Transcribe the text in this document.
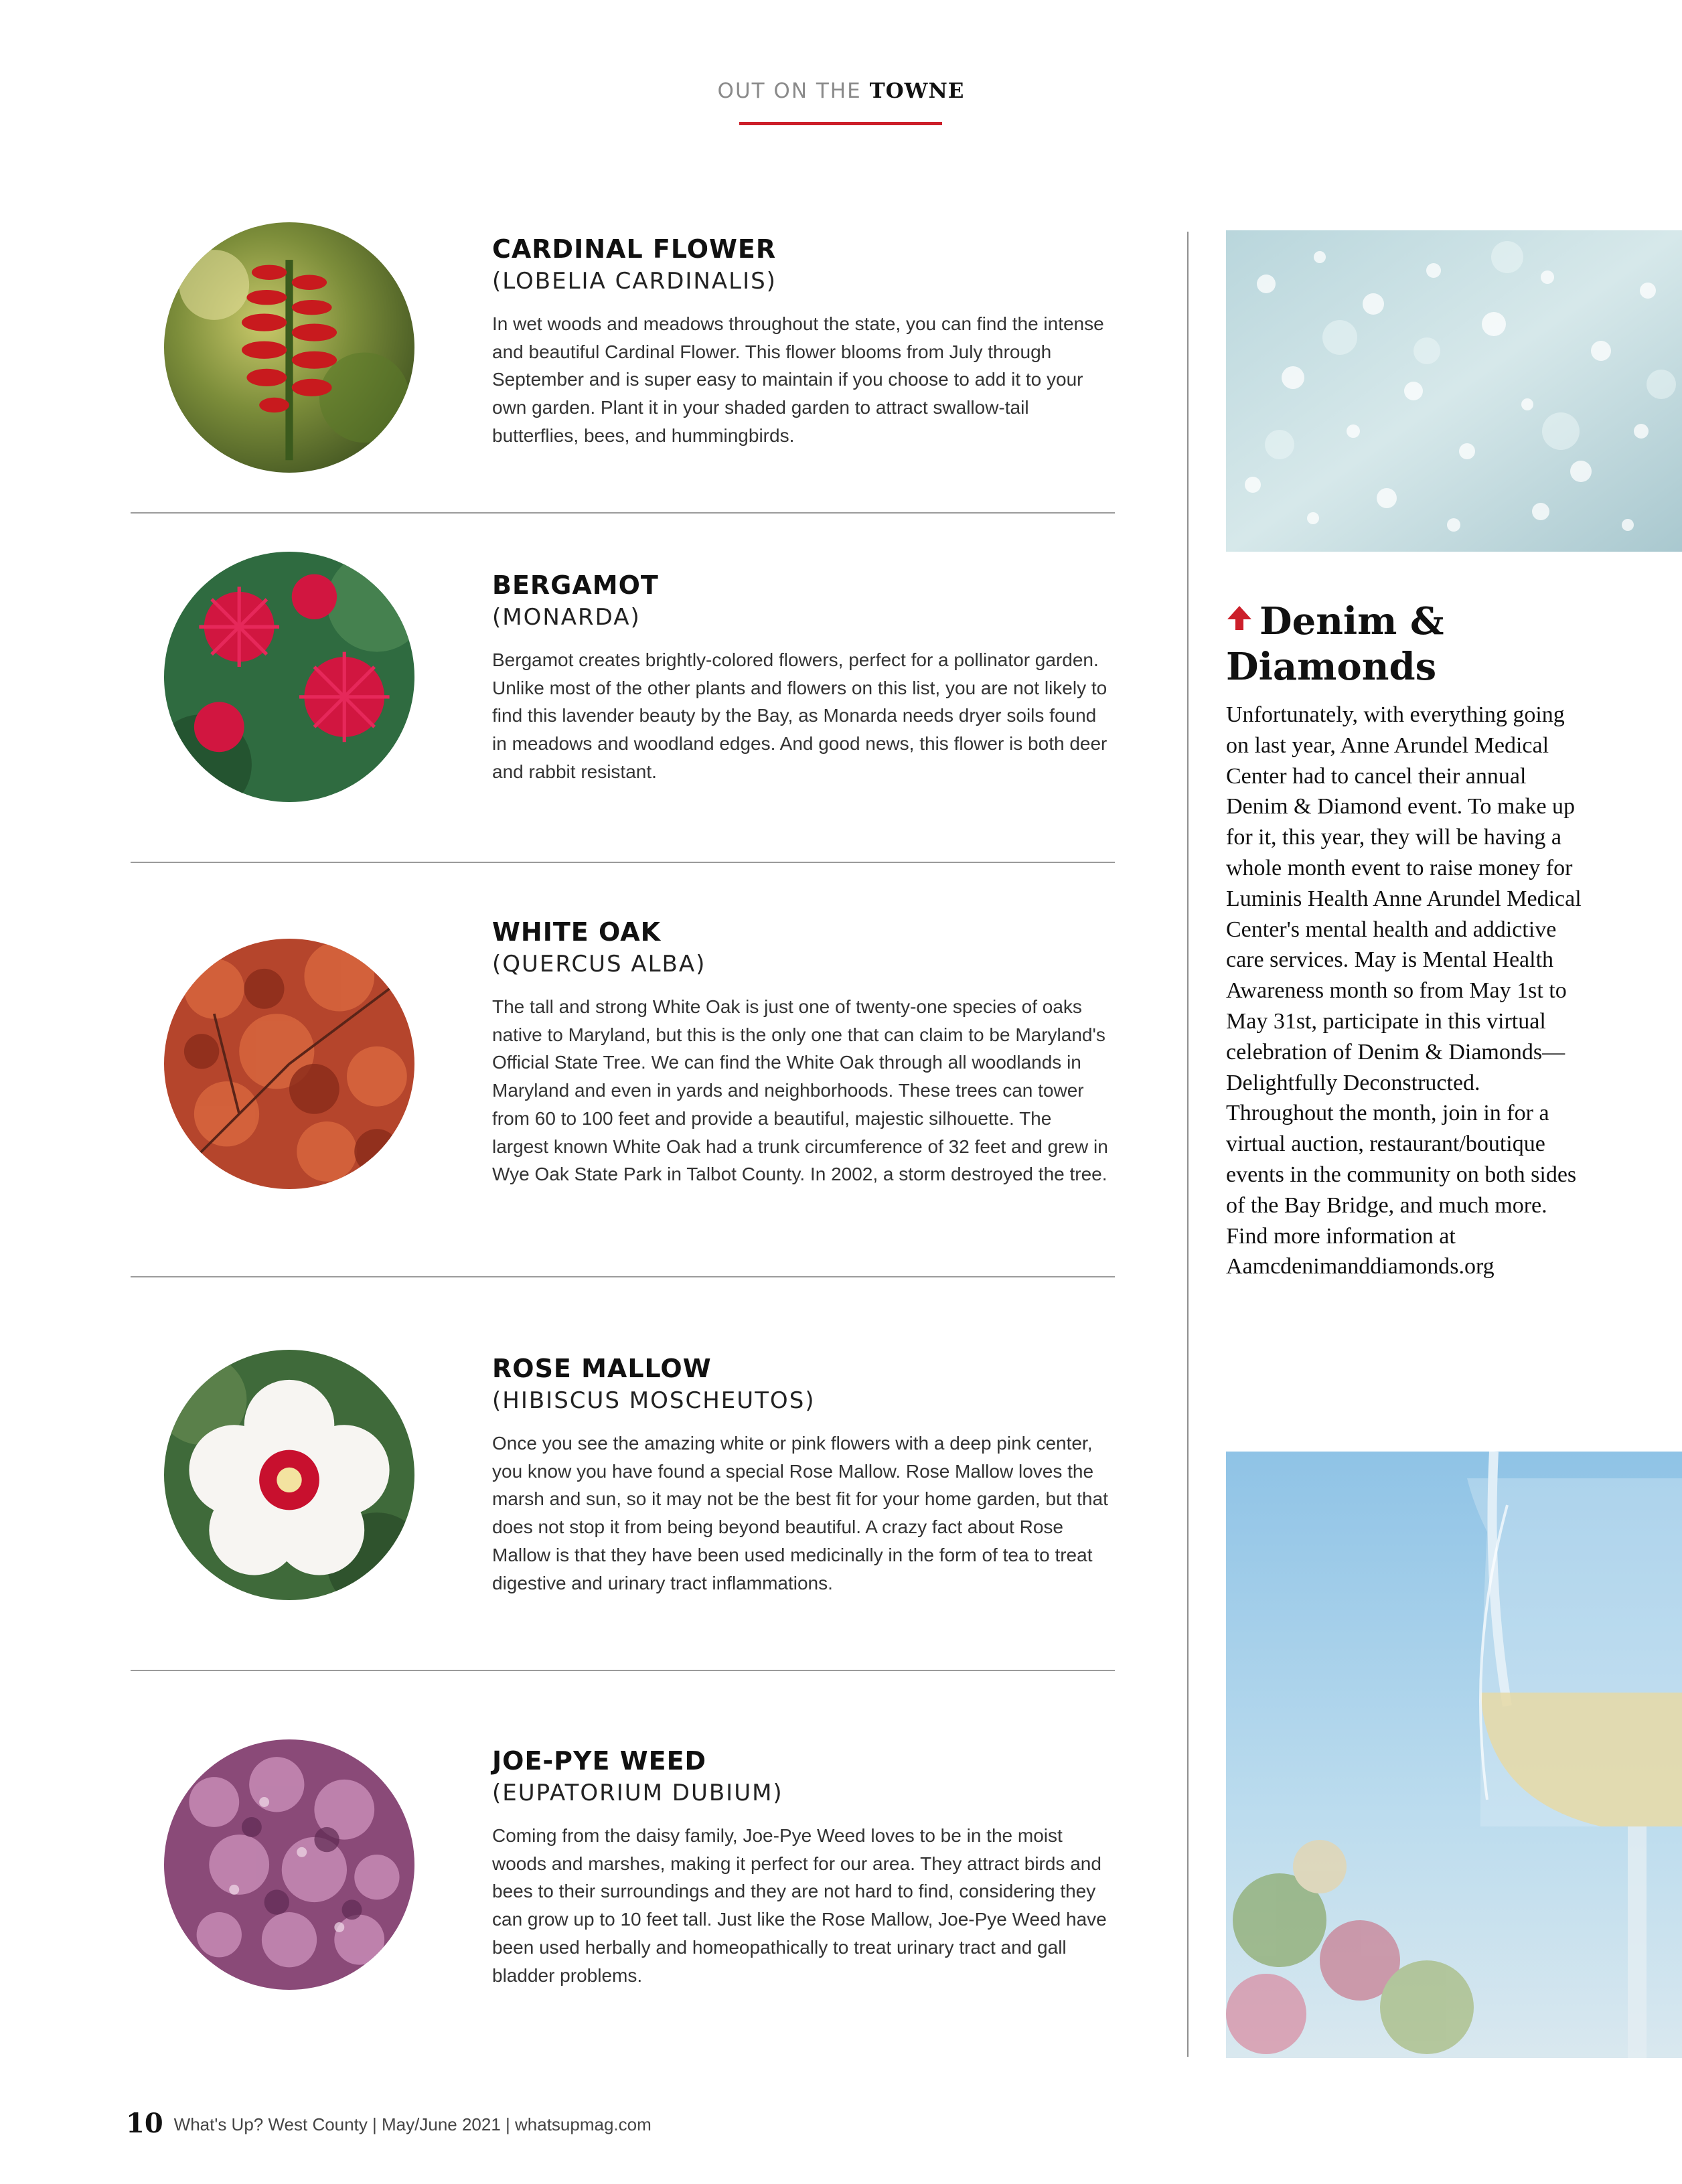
OUT ON THE TOWNE
CARDINAL FLOWER
(LOBELIA CARDINALIS)
In wet woods and meadows throughout the state, you can find the intense and beautiful Cardinal Flower. This flower blooms from July through September and is super easy to maintain if you choose to add it to your own garden. Plant it in your shaded garden to attract swallow-tail butterflies, bees, and hummingbirds.
BERGAMOT
(MONARDA)
Bergamot creates brightly-colored flowers, perfect for a pollinator garden. Unlike most of the other plants and flowers on this list, you are not likely to find this lavender beauty by the Bay, as Monarda needs dryer soils found in meadows and woodland edges. And good news, this flower is both deer and rabbit resistant.
WHITE OAK
(QUERCUS ALBA)
The tall and strong White Oak is just one of twenty-one species of oaks native to Maryland, but this is the only one that can claim to be Maryland's Official State Tree. We can find the White Oak through all woodlands in Maryland and even in yards and neighborhoods. These trees can tower from 60 to 100 feet and provide a beautiful, majestic silhouette. The largest known White Oak had a trunk circumference of 32 feet and grew in Wye Oak State Park in Talbot County. In 2002, a storm destroyed the tree.
ROSE MALLOW
(HIBISCUS MOSCHEUTOS)
Once you see the amazing white or pink flowers with a deep pink center, you know you have found a special Rose Mallow. Rose Mallow loves the marsh and sun, so it may not be the best fit for your home garden, but that does not stop it from being beyond beautiful. A crazy fact about Rose Mallow is that they have been used medicinally in the form of tea to treat digestive and urinary tract inflammations.
JOE-PYE WEED
(EUPATORIUM DUBIUM)
Coming from the daisy family, Joe-Pye Weed loves to be in the moist woods and marshes, making it perfect for our area. They attract birds and bees to their surroundings and they are not hard to find, considering they can grow up to 10 feet tall. Just like the Rose Mallow, Joe-Pye Weed have been used herbally and homeopathically to treat urinary tract and gall bladder problems.
Denim & Diamonds
Unfortunately, with everything going on last year, Anne Arundel Medical Center had to cancel their annual Denim & Diamond event. To make up for it, this year, they will be having a whole month event to raise money for Luminis Health Anne Arundel Medical Center's mental health and addictive care services. May is Mental Health Awareness month so from May 1st to May 31st, participate in this virtual celebration of Denim & Diamonds—Delightfully Deconstructed. Throughout the month, join in for a virtual auction, restaurant/boutique events in the community on both sides of the Bay Bridge, and much more. Find more information at Aamcdenimanddiamonds.org
10 What's Up? West County | May/June 2021 | whatsupmag.com
